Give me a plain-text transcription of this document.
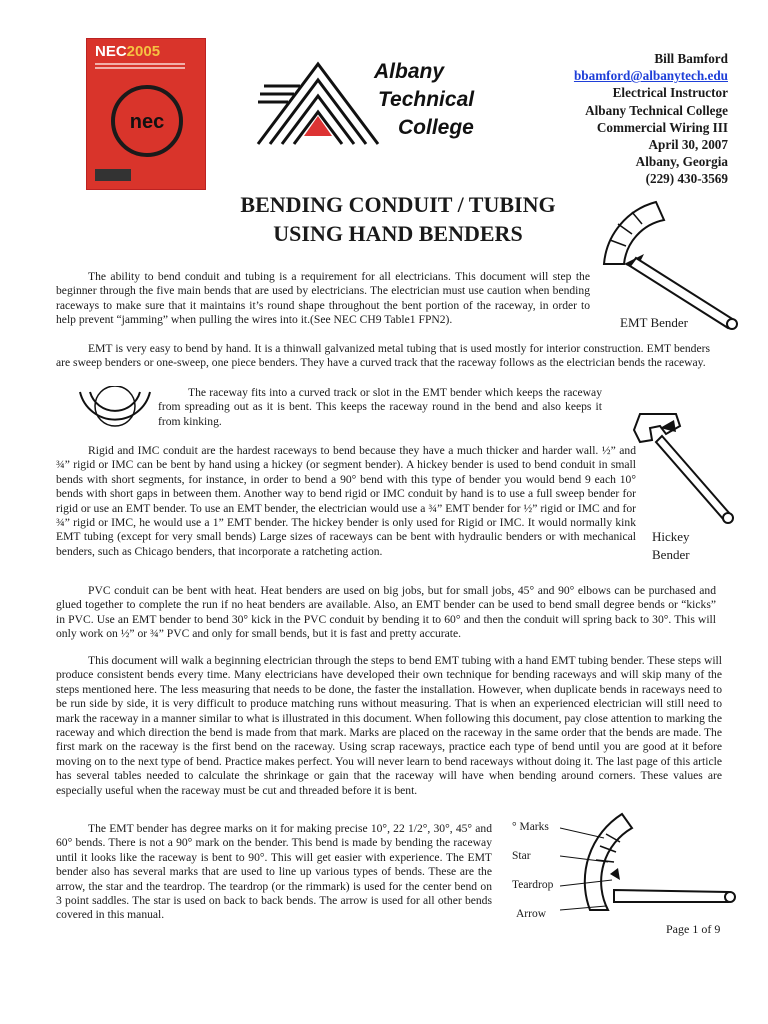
NEC2005
nec
Albany
Technical
College
Bill Bamford
bbamford@albanytech.edu
Electrical Instructor
Albany Technical College
Commercial Wiring III
April 30, 2007
Albany, Georgia
(229) 430-3569
BENDING CONDUIT / TUBING
USING HAND BENDERS
EMT Bender
The ability to bend conduit and tubing is a requirement for all electricians. This document will step the beginner through the five main bends that are used by electricians. The electrician must use caution when bending raceways to make sure that it maintains it’s round shape throughout the bent portion of the raceway, in order to help prevent “jamming” when pulling the wires into it.(See NEC CH9 Table1 FPN2).
EMT is very easy to bend by hand. It is a thinwall galvanized metal tubing that is used mostly for interior construction. EMT benders are sweep benders or one-sweep, one piece benders. They have a curved track that the raceway follows as the electrician bends the raceway.
The raceway fits into a curved track or slot in the EMT bender which keeps the raceway from spreading out as it is bent. This keeps the raceway round in the bend and also keeps it from kinking.
Hickey
Bender
Rigid and IMC conduit are the hardest raceways to bend because they have a much thicker and harder wall. ½” and ¾” rigid or IMC can be bent by hand using a hickey (or segment bender). A hickey bender is used to bend conduit in small bends with short segments, for instance, in order to bend a 90° bend with this type of bender you would bend 9 each 10° bends with short gaps in between them. Another way to bend rigid or IMC conduit by hand is to use a full sweep bender for rigid or use an EMT bender. To use an EMT bender, the electrician would use a ¾” EMT bender for ½” rigid or IMC and for ¾” rigid or IMC, he would use a 1” EMT bender. The hickey bender is only used for Rigid or IMC. It would normally kink EMT tubing (except for very small bends) Large sizes of raceways can be bent with hydraulic benders or with mechanical benders, such as Chicago benders, that incorporate a ratcheting action.
PVC conduit can be bent with heat. Heat benders are used on big jobs, but for small jobs, 45° and 90° elbows can be purchased and glued together to complete the run if no heat benders are available. Also, an EMT bender can be used to bend small degree bends or “kicks” in PVC. Use an EMT bender to bend 30° kick in the PVC conduit by bending it to 60° and then the conduit will spring back to 30°. This will only work on ½” or ¾” PVC and only for small bends, but it is fast and pretty accurate.
This document will walk a beginning electrician through the steps to bend EMT tubing with a hand EMT tubing bender. These steps will produce consistent bends every time. Many electricians have developed their own technique for bending raceways and will skip many of the steps mentioned here. The less measuring that needs to be done, the faster the installation. However, when duplicate bends in raceways need to be run side by side, it is very difficult to produce matching runs without measuring. That is when an experienced electrician will still need to mark the raceway in a manner similar to what is illustrated in this document. When following this document, pay close attention to marking the raceway and which direction the bend is made from that mark. Marks are placed on the raceway in the same order that the bends are made. The first mark on the raceway is the first bend on the raceway. Using scrap raceways, practice each type of bend until you are good at it before moving on to the next type of bend. Practice makes perfect. You will never learn to bend raceways without doing it. The last page of this article has several tables needed to calculate the shrinkage or gain that the raceway will have when bending around corners. These values are especially useful when the raceway must be cut and threaded before it is bent.
The EMT bender has degree marks on it for making precise 10°, 22 1/2°, 30°, 45° and 60° bends. There is not a 90° mark on the bender. This bend is made by bending the raceway until it looks like the raceway is bent to 90°. This will get easier with experience. The EMT bender also has several marks that are used to line up various types of bends. These are the arrow, the star and the teardrop. The teardrop (or the rimmark) is used for the center bend on 3 point saddles. The star is used on back to back bends. The arrow is used for all other bends covered in this manual.
° Marks
Star
Teardrop
Arrow
Page 1 of 9
